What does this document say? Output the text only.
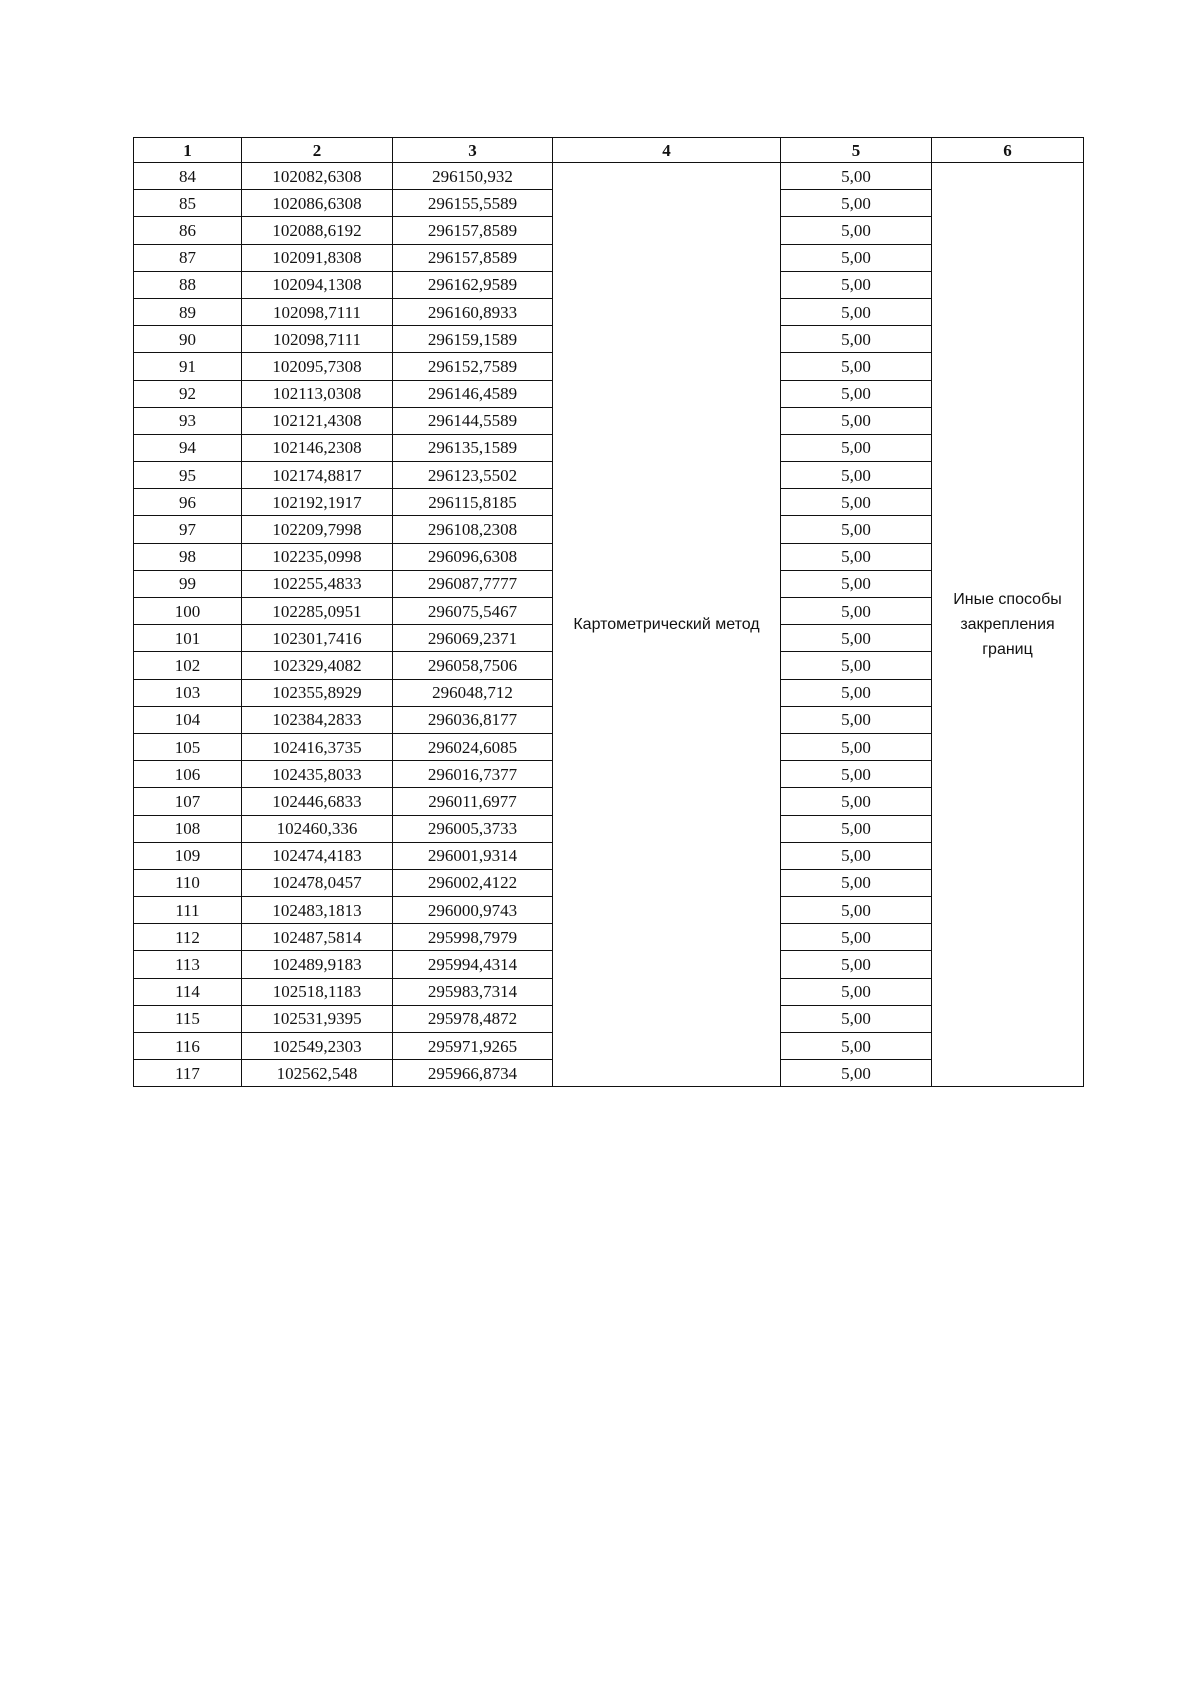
1	2	3	4	5	6
84	102082,6308	296150,932	Картометрический метод	5,00	Иные способы
закрепления
границ

85	102086,6308	296155,5589		5,00	
86	102088,6192	296157,8589		5,00	
87	102091,8308	296157,8589		5,00	
88	102094,1308	296162,9589		5,00	
89	102098,7111	296160,8933		5,00	
90	102098,7111	296159,1589		5,00	
91	102095,7308	296152,7589		5,00	
92	102113,0308	296146,4589		5,00	
93	102121,4308	296144,5589		5,00	
94	102146,2308	296135,1589		5,00	
95	102174,8817	296123,5502		5,00	
96	102192,1917	296115,8185		5,00	
97	102209,7998	296108,2308		5,00	
98	102235,0998	296096,6308		5,00	
99	102255,4833	296087,7777		5,00	
100	102285,0951	296075,5467		5,00	
101	102301,7416	296069,2371		5,00	
102	102329,4082	296058,7506		5,00	
103	102355,8929	296048,712		5,00	
104	102384,2833	296036,8177		5,00	
105	102416,3735	296024,6085		5,00	
106	102435,8033	296016,7377		5,00	
107	102446,6833	296011,6977		5,00	
108	102460,336	296005,3733		5,00	
109	102474,4183	296001,9314		5,00	
110	102478,0457	296002,4122		5,00	
111	102483,1813	296000,9743		5,00	
112	102487,5814	295998,7979		5,00	
113	102489,9183	295994,4314		5,00	
114	102518,1183	295983,7314		5,00	
115	102531,9395	295978,4872		5,00	
116	102549,2303	295971,9265		5,00	
117	102562,548	295966,8734		5,00	
